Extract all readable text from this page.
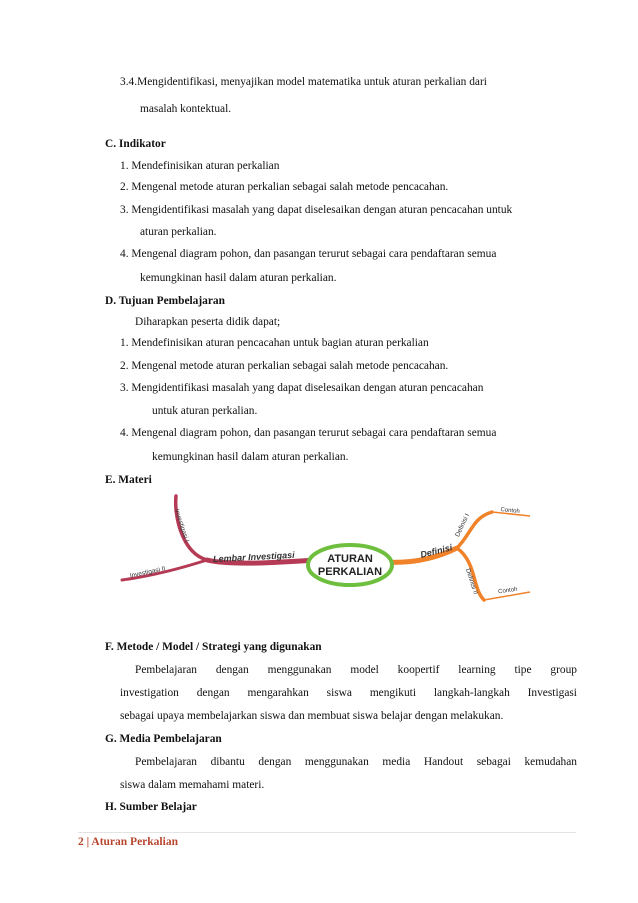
3.4.Mengidentifikasi, menyajikan model matematika untuk aturan perkalian dari
masalah kontektual.
C. Indikator
1. Mendefinisikan aturan perkalian
2. Mengenal metode aturan perkalian sebagai salah metode pencacahan.
3. Mengidentifikasi masalah yang dapat diselesaikan dengan aturan pencacahan untuk
aturan perkalian.
4. Mengenal diagram pohon, dan pasangan terurut sebagai cara pendaftaran semua
kemungkinan hasil dalam aturan perkalian.
D. Tujuan Pembelajaran
Diharapkan peserta didik dapat;
1. Mendefinisikan aturan pencacahan untuk bagian aturan perkalian
2. Mengenal metode aturan perkalian sebagai salah metode pencacahan.
3. Mengidentifikasi masalah yang dapat diselesaikan dengan aturan pencacahan
untuk aturan perkalian.
4. Mengenal diagram pohon, dan pasangan terurut sebagai cara pendaftaran semua
kemungkinan hasil dalam aturan perkalian.
E. Materi
ATURAN
PERKALIAN
Lembar Investigasi
Investigasi I
Investigasi II
Definisi
Definisi I
Definisi II
Contoh
Contoh
F. Metode / Model / Strategi yang digunakan
Pembelajaran dengan menggunakan model koopertif learning tipe group
investigation dengan mengarahkan siswa mengikuti langkah-langkah Investigasi
sebagai upaya membelajarkan siswa dan membuat siswa belajar dengan melakukan.
G. Media Pembelajaran
Pembelajaran dibantu dengan menggunakan media Handout sebagai kemudahan
siswa dalam memahami materi.
H. Sumber Belajar
2 | Aturan Perkalian
